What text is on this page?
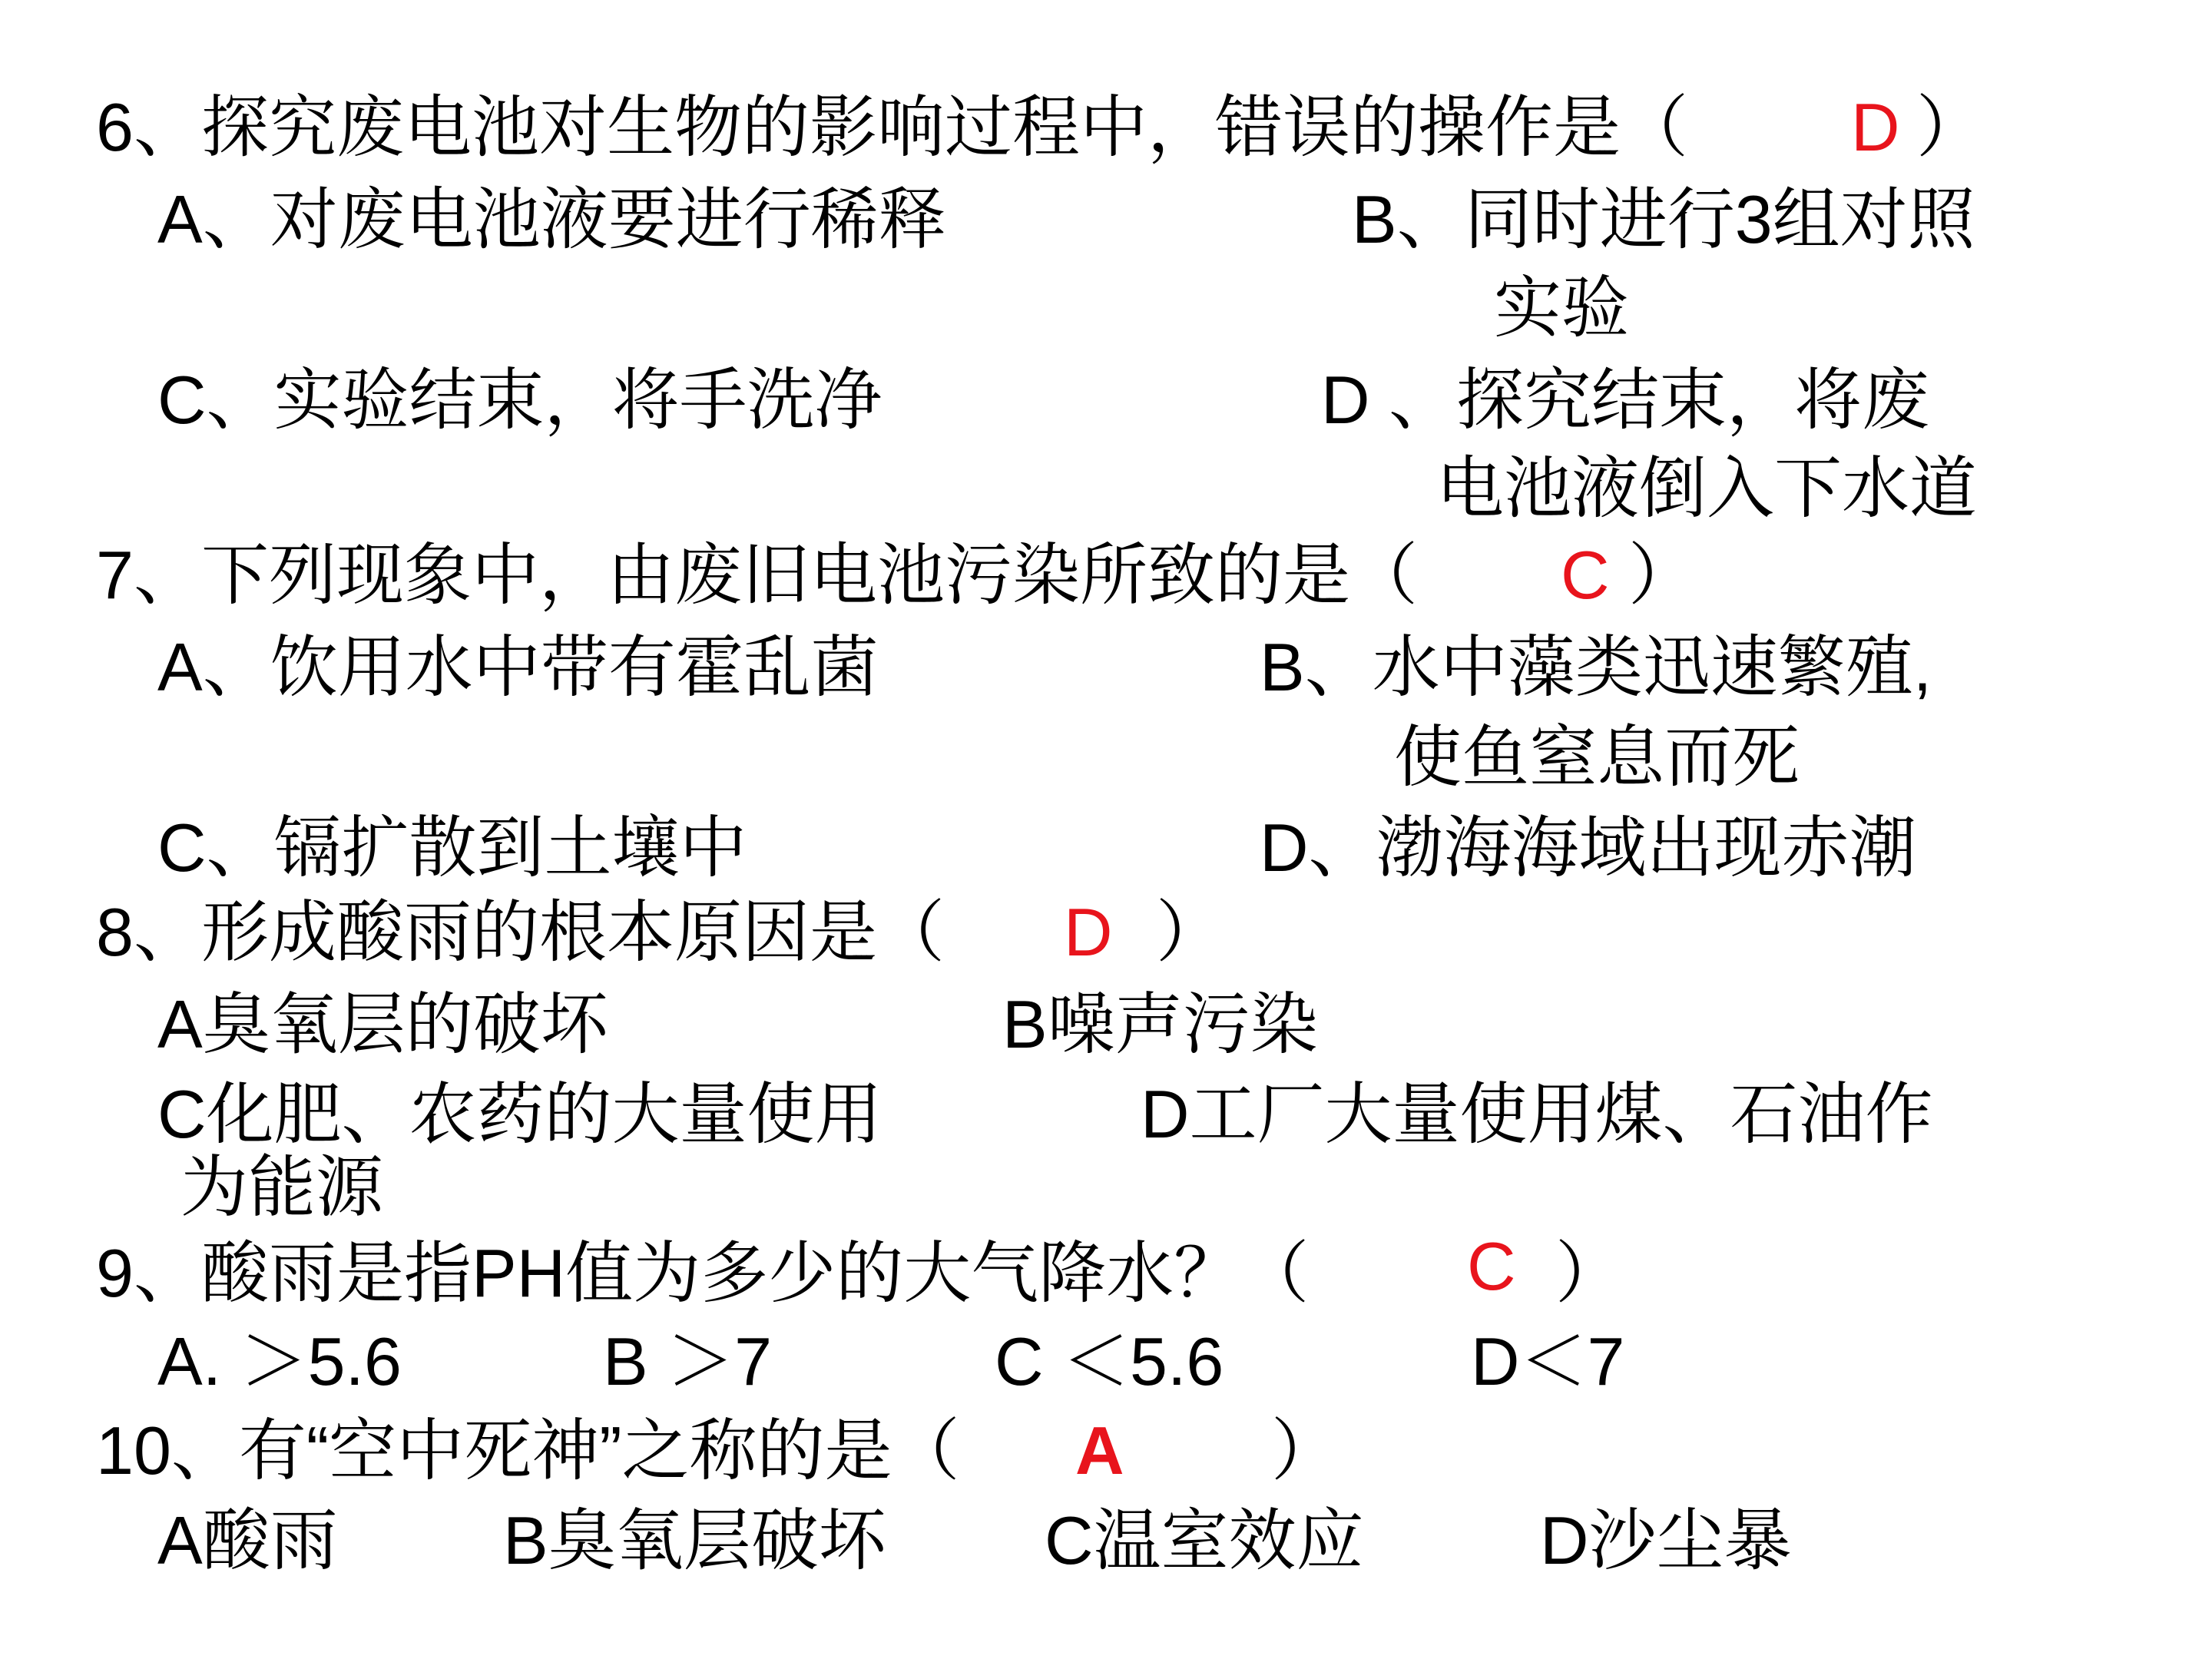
6、探究废电池对生物的影响过程中，错误的操作是（ D ）
A、对废电池液要进行稀释	B、同时进行3组对照
实验
C、实验结束，将手洗净	D 、探究结束，将废
电池液倒入下水道
7、下列现象中，由废旧电池污染所致的是（ C ）
A、饮用水中带有霍乱菌	B、水中藻类迅速繁殖,
使鱼窒息而死
C、镉扩散到土壤中	D、渤海海域出现赤潮
8、形成酸雨的根本原因是（ D ）
A臭氧层的破坏	B噪声污染
C化肥、农药的大量使用	D工厂大量使用煤、石油作
为能源
9、酸雨是指PH值为多少的大气降水？（ C ）
A. ＞5.6	B ＞7	C ＜5.6	D＜7
10、有“空中死神”之称的是（ A ）
A酸雨 B臭氧层破坏 C温室效应	D沙尘暴
